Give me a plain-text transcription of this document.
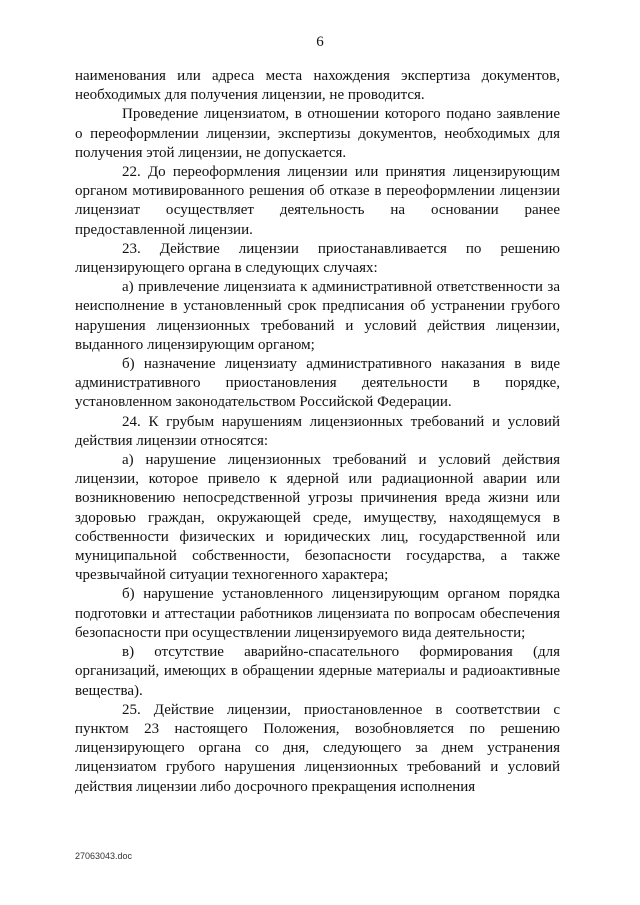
6

наименования или адреса места нахождения экспертиза документов, необходимых для получения лицензии, не проводится.

Проведение лицензиатом, в отношении которого подано заявление о переоформлении лицензии, экспертизы документов, необходимых для получения этой лицензии, не допускается.

22. До переоформления лицензии или принятия лицензирующим органом мотивированного решения об отказе в переоформлении лицензии лицензиат осуществляет деятельность на основании ранее предоставленной лицензии.

23. Действие лицензии приостанавливается по решению лицензирующего органа в следующих случаях:

а) привлечение лицензиата к административной ответственности за неисполнение в установленный срок предписания об устранении грубого нарушения лицензионных требований и условий действия лицензии, выданного лицензирующим органом;

б) назначение лицензиату административного наказания в виде административного приостановления деятельности в порядке, установленном законодательством Российской Федерации.

24. К грубым нарушениям лицензионных требований и условий действия лицензии относятся:

а) нарушение лицензионных требований и условий действия лицензии, которое привело к ядерной или радиационной аварии или возникновению непосредственной угрозы причинения вреда жизни или здоровью граждан, окружающей среде, имуществу, находящемуся в собственности физических и юридических лиц, государственной или муниципальной собственности, безопасности государства, а также чрезвычайной ситуации техногенного характера;

б) нарушение установленного лицензирующим органом порядка подготовки и аттестации работников лицензиата по вопросам обеспечения безопасности при осуществлении лицензируемого вида деятельности;

в) отсутствие аварийно-спасательного формирования (для организаций, имеющих в обращении ядерные материалы и радиоактивные вещества).

25. Действие лицензии, приостановленное в соответствии с пунктом 23 настоящего Положения, возобновляется по решению лицензирующего органа со дня, следующего за днем устранения лицензиатом грубого нарушения лицензионных требований и условий действия лицензии либо досрочного прекращения исполнения

27063043.doc
